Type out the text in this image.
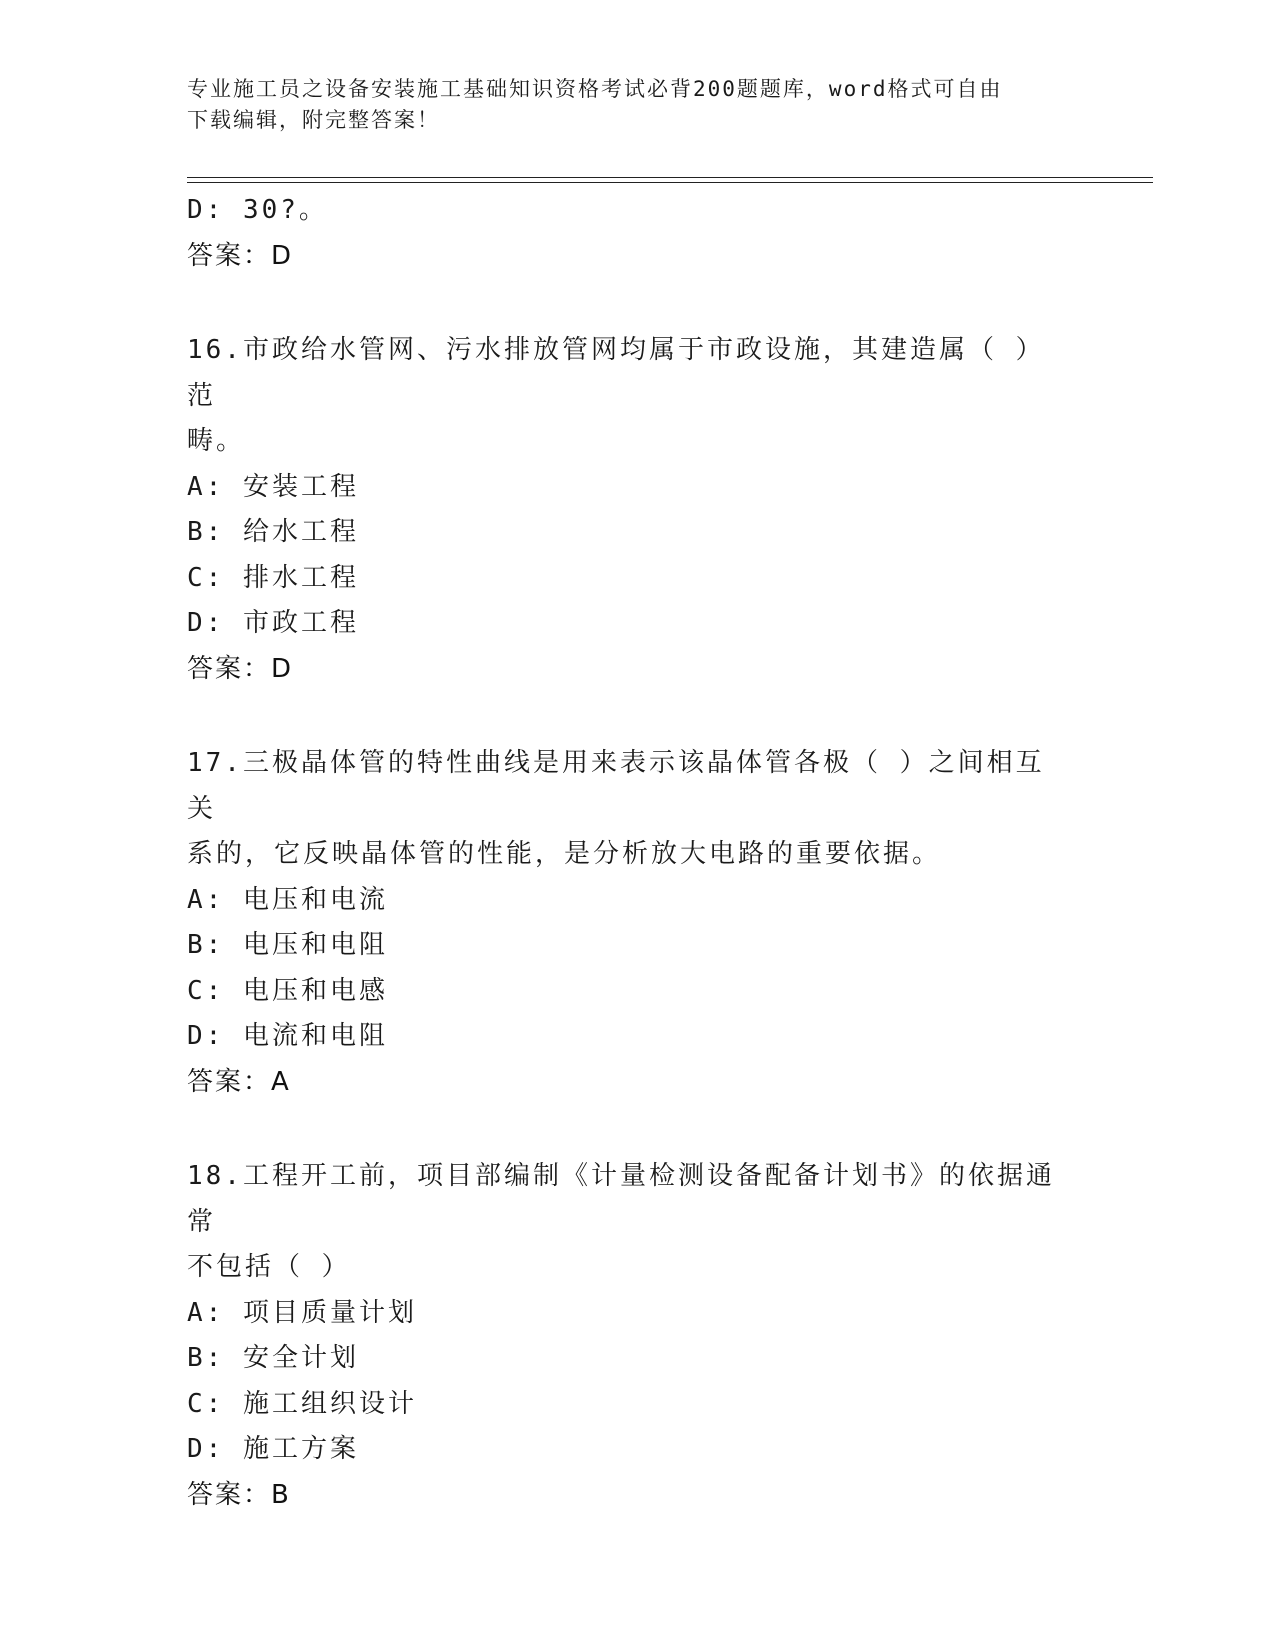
专业施工员之设备安装施工基础知识资格考试必背200题题库，word格式可自由
下载编辑，附完整答案！
D: 30?。
答案：D
16.市政给水管网、污水排放管网均属于市政设施，其建造属（ ）范
畴。
A: 安装工程
B: 给水工程
C: 排水工程
D: 市政工程
答案：D
17.三极晶体管的特性曲线是用来表示该晶体管各极（ ）之间相互关
系的，它反映晶体管的性能，是分析放大电路的重要依据。
A: 电压和电流
B: 电压和电阻
C: 电压和电感
D: 电流和电阻
答案：A
18.工程开工前，项目部编制《计量检测设备配备计划书》的依据通常
不包括（ ）
A: 项目质量计划
B: 安全计划
C: 施工组织设计
D: 施工方案
答案：B
